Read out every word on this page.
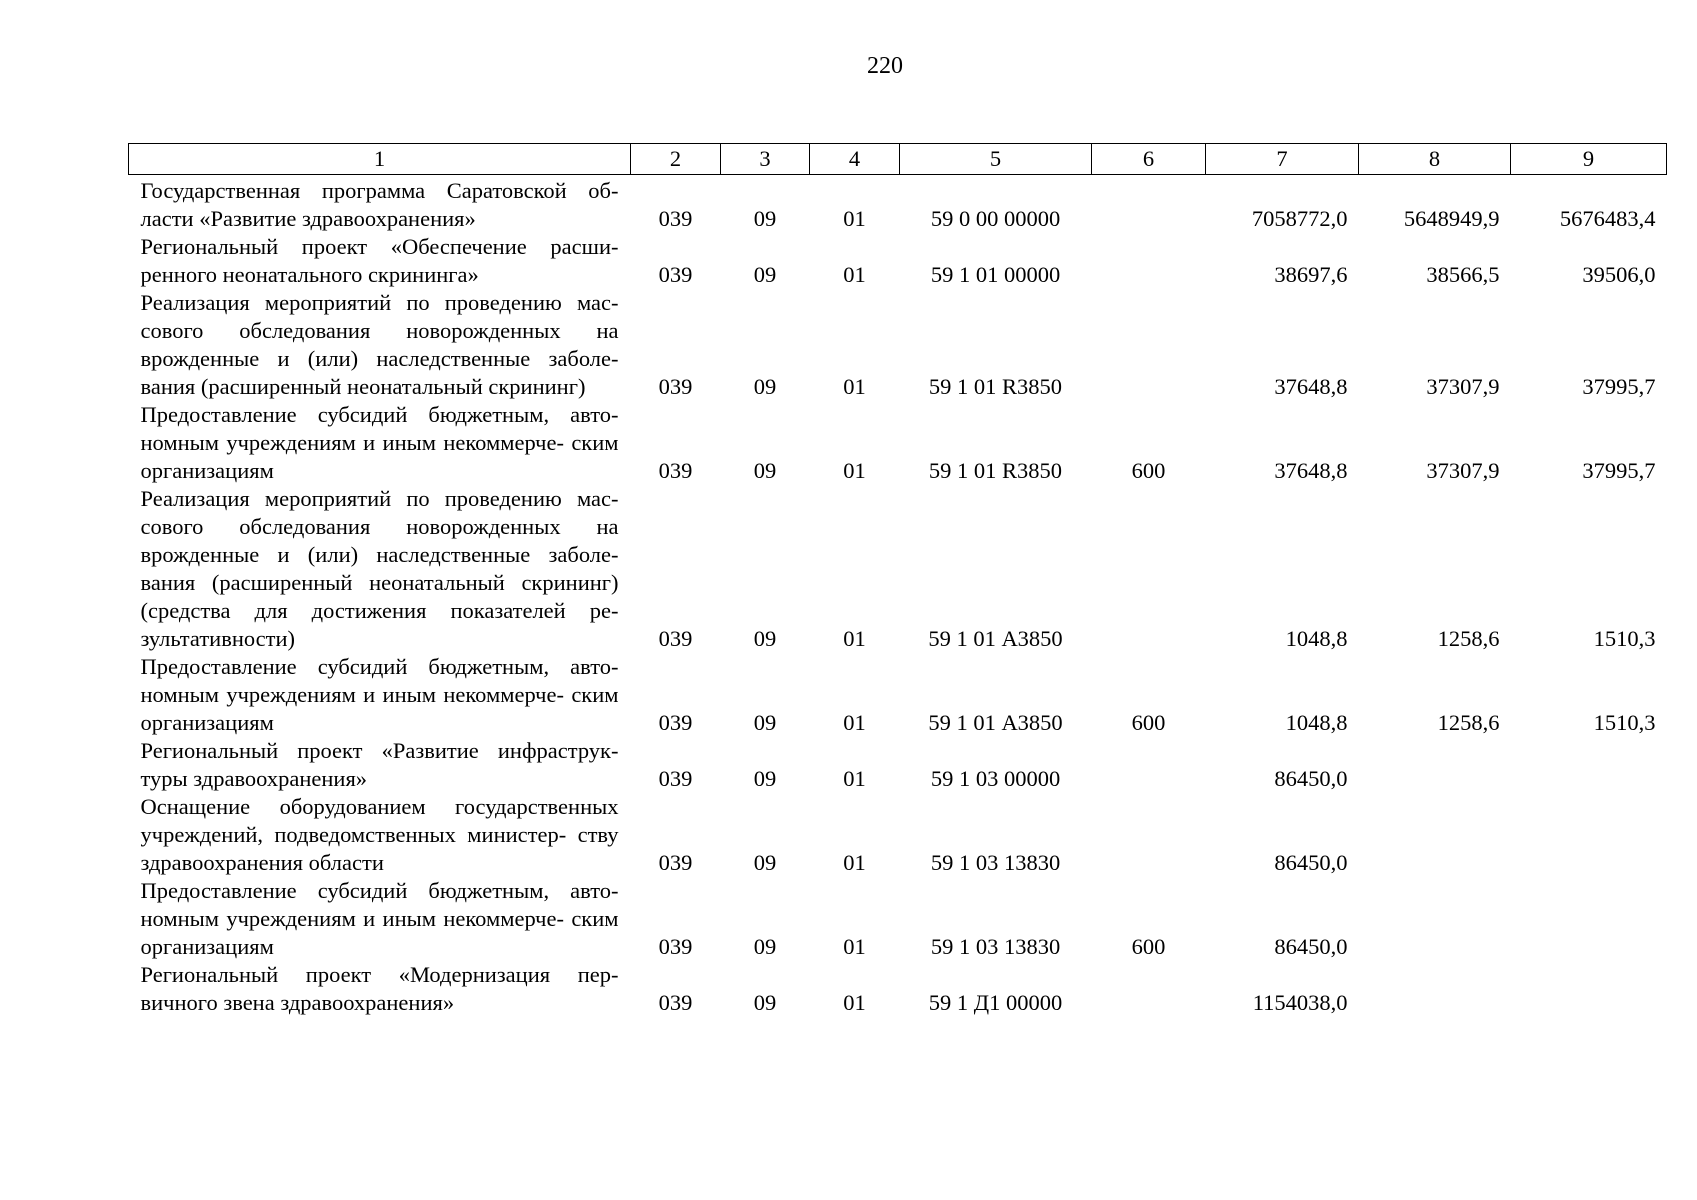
220
1	2	3	4	5	6	7	8	9
Государственная программа Саратовской об- ласти «Развитие здравоохранения»	039	09	01	59 0 00 00000		7058772,0	5648949,9	5676483,4
Региональный проект «Обеспечение расши- ренного неонатального скрининга»	039	09	01	59 1 01 00000		38697,6	38566,5	39506,0
Реализация мероприятий по проведению мас- сового обследования новорожденных на врожденные и (или) наследственные заболе- вания (расширенный неонатальный скрининг)	039	09	01	59 1 01 R3850		37648,8	37307,9	37995,7
Предоставление субсидий бюджетным, авто- номным учреждениям и иным некоммерче- ским организациям	039	09	01	59 1 01 R3850	600	37648,8	37307,9	37995,7
Реализация мероприятий по проведению мас- сового обследования новорожденных на врожденные и (или) наследственные заболе- вания (расширенный неонатальный скрининг) (средства для достижения показателей ре- зультативности)	039	09	01	59 1 01 А3850		1048,8	1258,6	1510,3
Предоставление субсидий бюджетным, авто- номным учреждениям и иным некоммерче- ским организациям	039	09	01	59 1 01 А3850	600	1048,8	1258,6	1510,3
Региональный проект «Развитие инфраструк- туры здравоохранения»	039	09	01	59 1 03 00000		86450,0		
Оснащение оборудованием государственных учреждений, подведомственных министер- ству здравоохранения области	039	09	01	59 1 03 13830		86450,0		
Предоставление субсидий бюджетным, авто- номным учреждениям и иным некоммерче- ским организациям	039	09	01	59 1 03 13830	600	86450,0		
Региональный проект «Модернизация пер- вичного звена здравоохранения»	039	09	01	59 1 Д1 00000		1154038,0		
